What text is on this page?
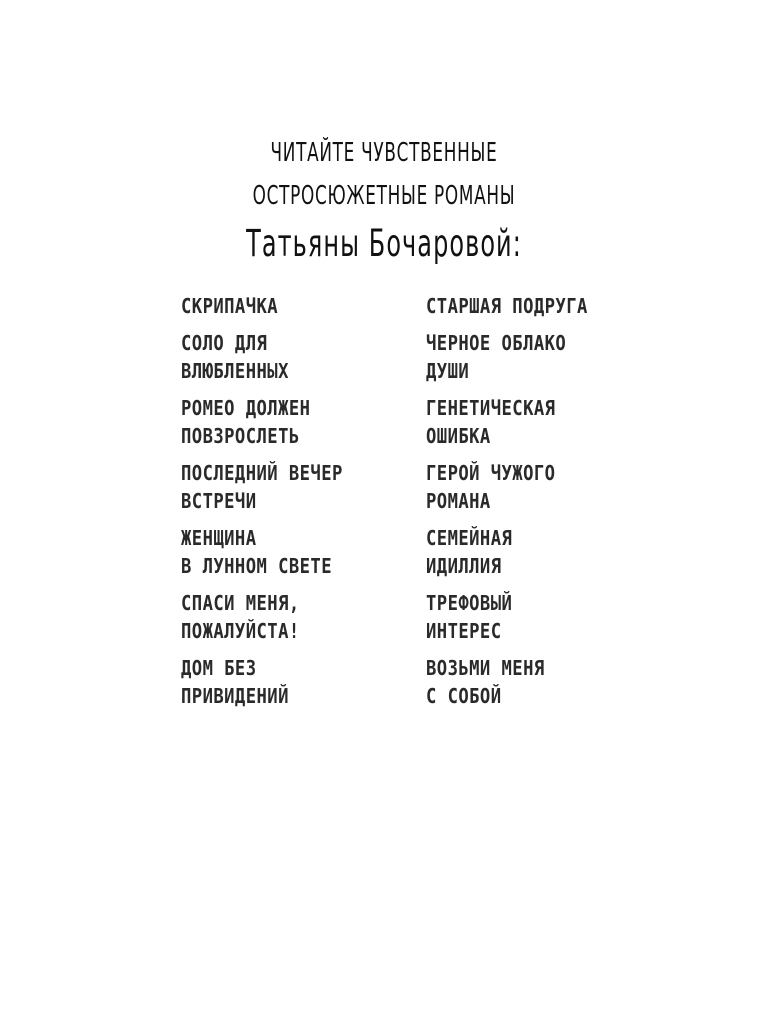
ЧИТАЙТЕ ЧУВСТВЕННЫЕ
ОСТРОСЮЖЕТНЫЕ РОМАНЫ
Татьяны Бочаровой:
СКРИПАЧКА
СОЛО ДЛЯ
ВЛЮБЛЕННЫХ
РОМЕО ДОЛЖЕН
ПОВЗРОСЛЕТЬ
ПОСЛЕДНИЙ ВЕЧЕР
ВСТРЕЧИ
ЖЕНЩИНА
В ЛУННОМ СВЕТЕ
СПАСИ МЕНЯ,
ПОЖАЛУЙСТА!
ДОМ БЕЗ
ПРИВИДЕНИЙ
СТАРШАЯ ПОДРУГА
ЧЕРНОЕ ОБЛАКО
ДУШИ
ГЕНЕТИЧЕСКАЯ
ОШИБКА
ГЕРОЙ ЧУЖОГО
РОМАНА
СЕМЕЙНАЯ
ИДИЛЛИЯ
ТРЕФОВЫЙ
ИНТЕРЕС
ВОЗЬМИ МЕНЯ
С СОБОЙ
